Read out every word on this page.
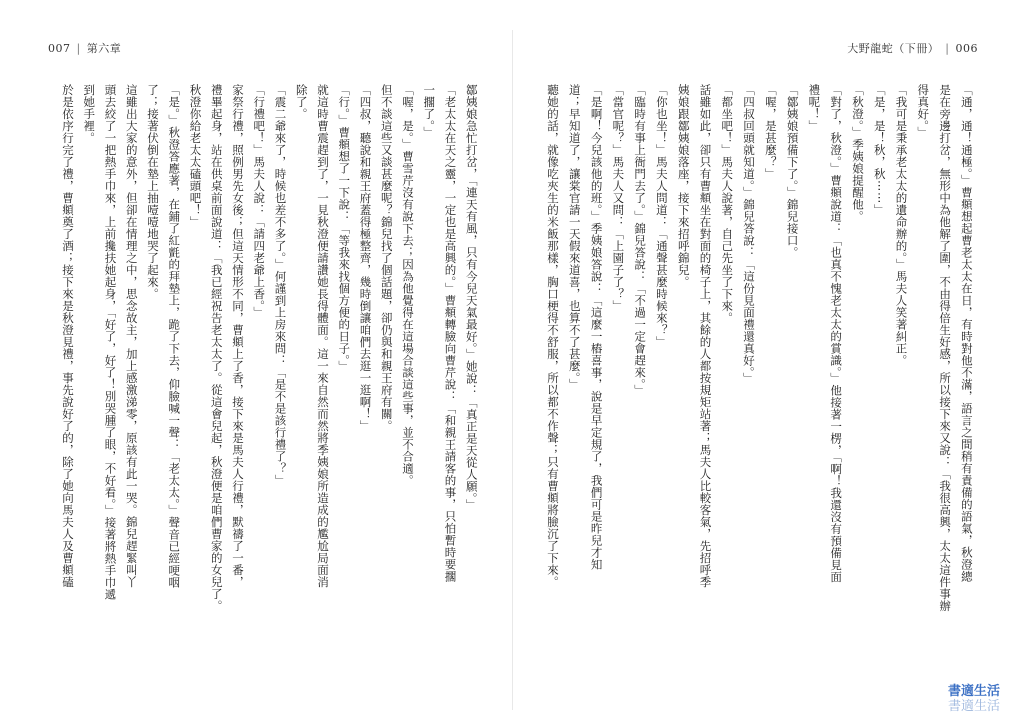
007 | 第六章	大野龍蛇（下冊） | 006
「通，通！通極。」曹頫想起曹老太太在日，有時對他不滿，語言之間稍有責備的語氣，秋澄總
是在旁邊打岔，無形中為他解了圍，不由得倍生好感，所以接下來又說：「我很高興，太太這件事辦
得真好。」
「我可是秉承老太太的遺命辦的。」馬夫人笑著糾正。
「是，是！秋，秋⋯⋯」
「秋澄。」季姨娘提醒他。
「對了，秋澄。」曹頫說道：「也真不愧老太太的賞識。」他接著一楞，「啊！我還沒有預備見面
禮呢！」
「鄒姨娘預備下了。」錦兒接口。
「喔，是甚麼？」
「四叔回頭就知道。」錦兒答說：「這份見面禮還真好。」
「都坐吧！」馬夫人說著，自己先坐了下來。
話雖如此，卻只有曹頫坐在對面的椅子上，其餘的人都按規矩站著；馬夫人比較客氣，先招呼季
姨娘跟鄒姨娘落座，接下來招呼錦兒。
「你也坐！」馬夫人問道：「通聲甚麼時候來？」
「臨時有事上衙門去了。」錦兒答說：「不過一定會趕來。」
「當官呢？」馬夫人又問：「上園子了？」
「是啊！今兒該他的班。」季姨娘答說：「這麼一樁喜事，說是早定規了，我們可是昨兒才知
道；早知道了，讓棠官請一天假來道喜，也算不了甚麼。」
聽她的話，就像吃夾生的米飯那樣，胸口梗得不舒服，所以都不作聲；只有曹頫將臉沉了下來。
鄒姨娘急忙打岔，「連天有風，只有今兒天氣最好。」她說：「真正是天從人願。」
「老太太在天之靈，一定也是高興的。」曹頫轉臉向曹芹說：「和親王請客的事，只怕暫時要擱
一擱了。」
「喔，是。」曹雪芹沒有說下去；因為他覺得在這場合談這些事，並不合適。
但不談這些又談甚麼呢？錦兒找了個話題，卻仍與和親王府有關。
「四叔，聽說和親王府蓋得極整齊，幾時倒讓咱們去逛一逛啊！」
「行。」曹頫想了一下說：「等我來找個方便的日子。」
就這時曹震趕到了，一見秋澄便請讚她長得體面。這一來自然而然將季姨娘所造成的尷尬局面消
除了。
「震二爺來了，時候也差不多了。」何謹到上房來問：「是不是該行禮了？」
「行禮吧！」馬夫人說：「請四老爺上香。」
家祭行禮，照例男先女後；但這天情形不同，曹頫上了香，接下來是馬夫人行禮，默禱了一番，
禮畢起身，站在供桌前面說道：「我已經祝告老太太了。從這會兒起，秋澄便是咱們曹家的女兒了。
秋澄你給老太太磕頭吧！」
「是。」秋澄答應著，在鋪了紅氈的拜墊上，跪了下去，仰臉喊一聲：「老太太。」聲音已經哽咽
了；接著伏倒在墊上抽噎噎地哭了起來。
這雖出大家的意外，但卻在情理之中，思念故主，加上感激涕零，原該有此一哭。錦兒趕緊叫丫
頭去絞了一把熱手巾來，上前攙扶她起身，「好了，好了！別哭腫了眼，不好看。」接著將熱手巾遞
到她手裡。
於是依序行完了禮，曹頫奠了酒；接下來是秋澄見禮，事先說好了的，除了她向馬夫人及曹頫磕
書適生活
書適生活
